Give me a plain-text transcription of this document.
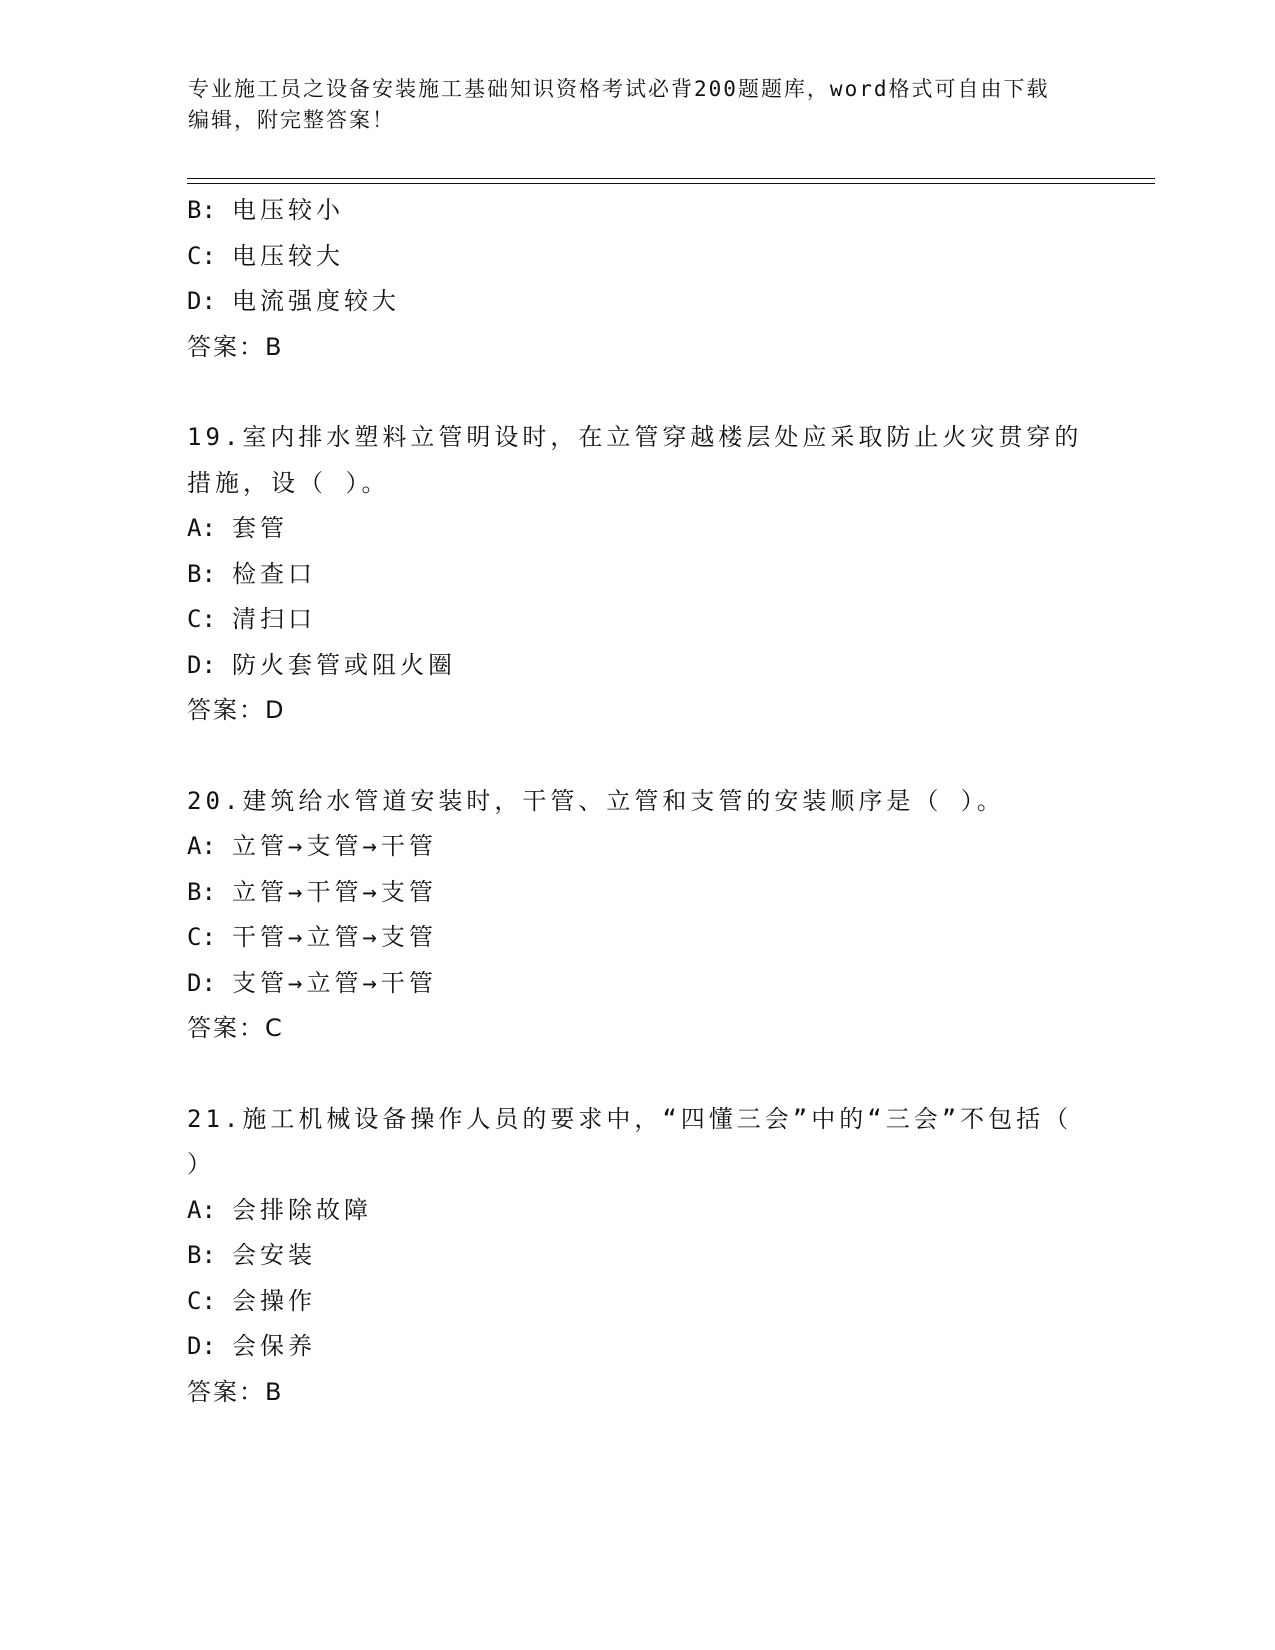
专业施工员之设备安装施工基础知识资格考试必背200题题库，word格式可自由下载编辑，附完整答案！
B: 电压较小
C: 电压较大
D: 电流强度较大
答案：B
19.室内排水塑料立管明设时，在立管穿越楼层处应采取防止火灾贯穿的措施，设（ ）。
A: 套管
B: 检查口
C: 清扫口
D: 防火套管或阻火圈
答案：D
20.建筑给水管道安装时，干管、立管和支管的安装顺序是（ ）。
A: 立管→支管→干管
B: 立管→干管→支管
C: 干管→立管→支管
D: 支管→立管→干管
答案：C
21.施工机械设备操作人员的要求中，“四懂三会”中的“三会”不包括（ ）
A: 会排除故障
B: 会安装
C: 会操作
D: 会保养
答案：B
